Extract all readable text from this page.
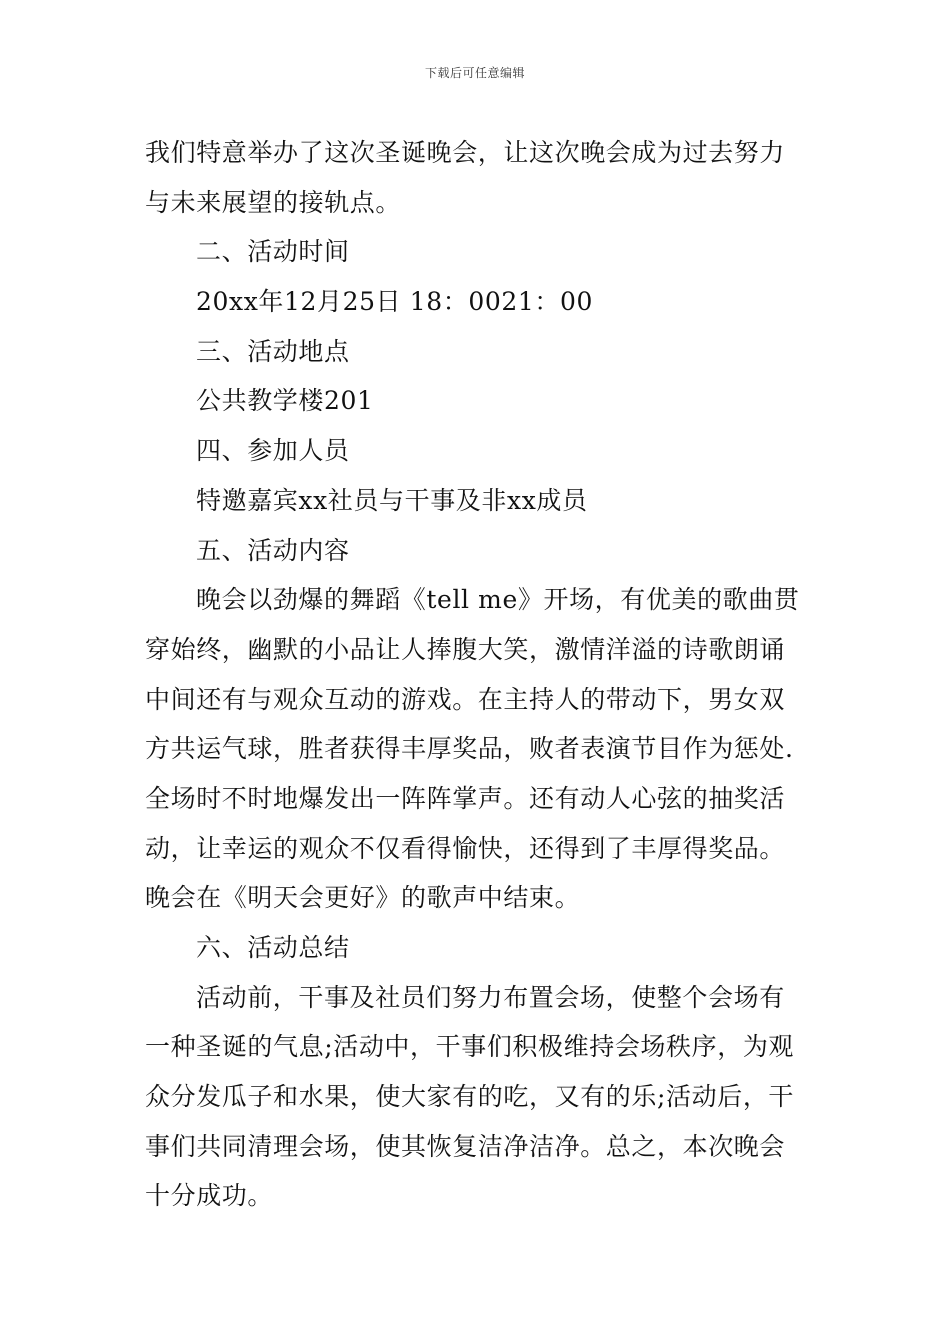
下载后可任意编辑
我们特意举办了这次圣诞晚会，让这次晚会成为过去努力
与未来展望的接轨点。
二、活动时间
20xx年12月25日 18：0021：00
三、活动地点
公共教学楼201
四、参加人员
特邀嘉宾xx社员与干事及非xx成员
五、活动内容
晚会以劲爆的舞蹈《tell me》开场，有优美的歌曲贯
穿始终，幽默的小品让人捧腹大笑，激情洋溢的诗歌朗诵
中间还有与观众互动的游戏。在主持人的带动下，男女双
方共运气球，胜者获得丰厚奖品，败者表演节目作为惩处.
全场时不时地爆发出一阵阵掌声。还有动人心弦的抽奖活
动，让幸运的观众不仅看得愉快，还得到了丰厚得奖品。
晚会在《明天会更好》的歌声中结束。
六、活动总结
活动前，干事及社员们努力布置会场，使整个会场有
一种圣诞的气息;活动中，干事们积极维持会场秩序，为观
众分发瓜子和水果，使大家有的吃，又有的乐;活动后，干
事们共同清理会场，使其恢复洁净洁净。总之，本次晚会
十分成功。
